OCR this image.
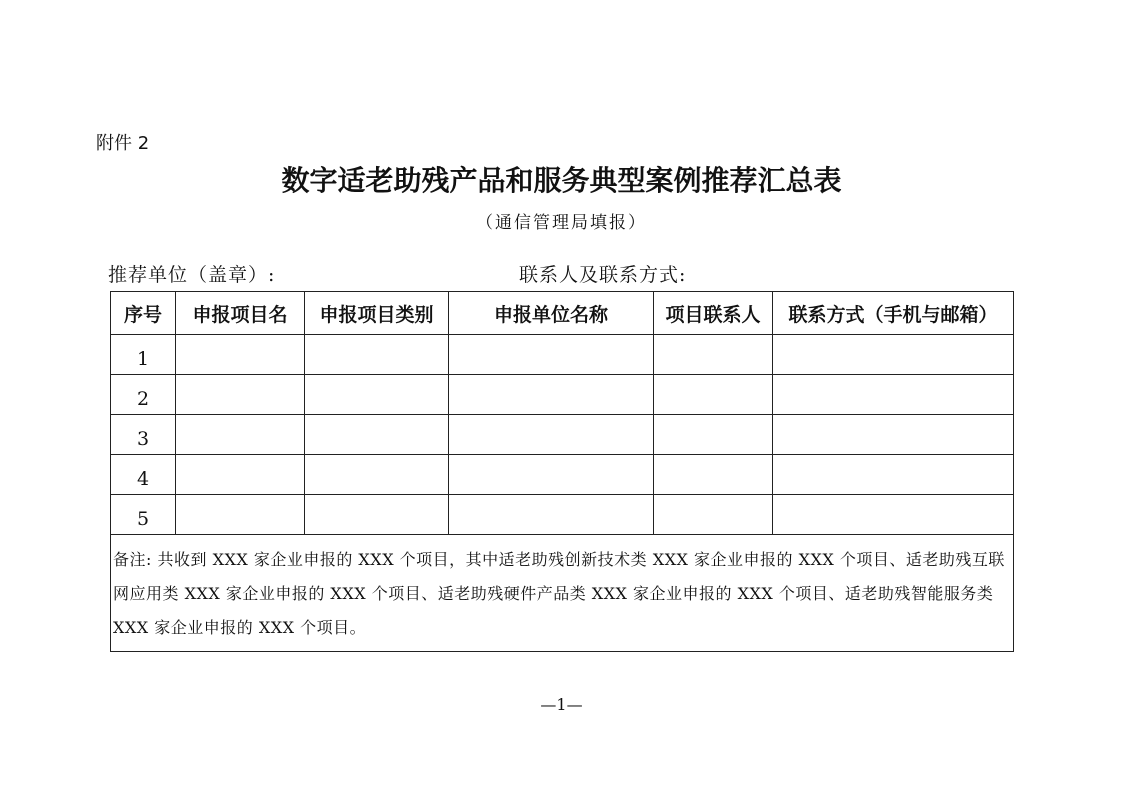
附件 2
数字适老助残产品和服务典型案例推荐汇总表
（通信管理局填报）
推荐单位（盖章）:	联系人及联系方式:
序号	申报项目名	申报项目类别	申报单位名称	项目联系人	联系方式（手机与邮箱）
1					
2					
3					
4					
5					
备注: 共收到 XXX 家企业申报的 XXX 个项目，其中适老助残创新技术类 XXX 家企业申报的 XXX 个项目、适老助残互联网应用类 XXX 家企业申报的 XXX 个项目、适老助残硬件产品类 XXX 家企业申报的 XXX 个项目、适老助残智能服务类 XXX 家企业申报的 XXX 个项目。					
—1—
